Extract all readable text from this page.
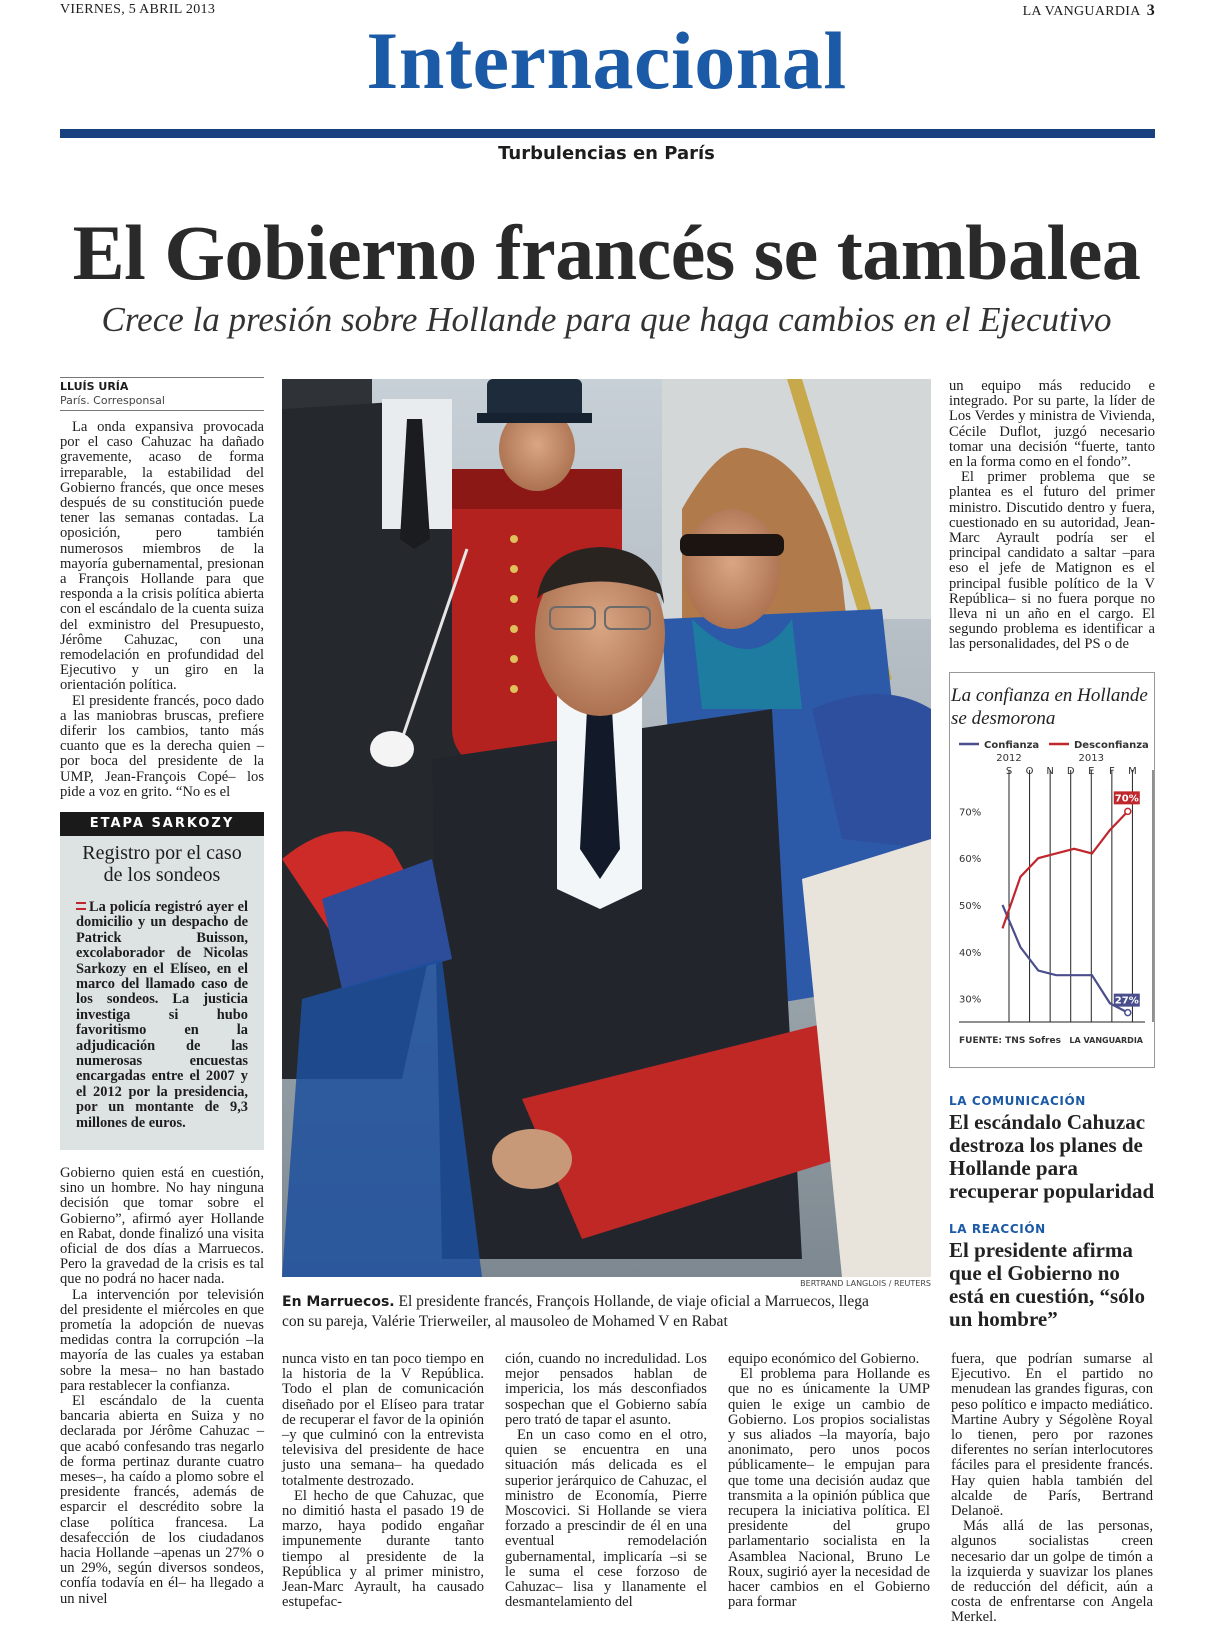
VIERNES, 5 ABRIL 2013	LA VANGUARDIA 3
Internacional
Turbulencias en París
El Gobierno francés se tambalea
Crece la presión sobre Hollande para que haga cambios en el Ejecutivo
LLUÍS URÍA
París. Corresponsal

La onda expansiva provocada por el caso Cahuzac ha dañado gravemente, acaso de forma irreparable, la estabilidad del Gobierno francés, que once meses después de su constitución puede tener las semanas contadas. La oposición, pero también numerosos miembros de la mayoría gubernamental, presionan a François Hollande para que responda a la crisis política abierta con el escándalo de la cuenta suiza del exministro del Presupuesto, Jérôme Cahuzac, con una remodelación en profundidad del Ejecutivo y un giro en la orientación política.

El presidente francés, poco dado a las maniobras bruscas, prefiere diferir los cambios, tanto más cuanto que es la derecha quien –por boca del presidente de la UMP, Jean-François Copé– los pide a voz en grito. “No es el

ETAPA SARKOZY
Registro por el caso de los sondeos
La policía registró ayer el domicilio y un despacho de Patrick Buisson, excolaborador de Nicolas Sarkozy en el Elíseo, en el marco del llamado caso de los sondeos. La justicia investiga si hubo favoritismo en la adjudicación de las numerosas encuestas encargadas entre el 2007 y el 2012 por la presidencia, por un montante de 9,3 millones de euros.

Gobierno quien está en cuestión, sino un hombre. No hay ninguna decisión que tomar sobre el Gobierno”, afirmó ayer Hollande en Rabat, donde finalizó una visita oficial de dos días a Marruecos. Pero la gravedad de la crisis es tal que no podrá no hacer nada.

La intervención por televisión del presidente el miércoles en que prometía la adopción de nuevas medidas contra la corrupción –la mayoría de las cuales ya estaban sobre la mesa– no han bastado para restablecer la confianza.

El escándalo de la cuenta bancaria abierta en Suiza y no declarada por Jérôme Cahuzac –que acabó confesando tras negarlo de forma pertinaz durante cuatro meses–, ha caído a plomo sobre el presidente francés, además de esparcir el descrédito sobre la clase política francesa. La desafección de los ciudadanos hacia Hollande –apenas un 27% o un 29%, según diversos sondeos, confía todavía en él– ha llegado a un nivel

BERTRAND LANGLOIS / REUTERS
En Marruecos. El presidente francés, François Hollande, de viaje oficial a Marruecos, llega con su pareja, Valérie Trierweiler, al mausoleo de Mohamed V en Rabat

un equipo más reducido e integrado. Por su parte, la líder de Los Verdes y ministra de Vivienda, Cécile Duflot, juzgó necesario tomar una decisión “fuerte, tanto en la forma como en el fondo”.

El primer problema que se plantea es el futuro del primer ministro. Discutido dentro y fuera, cuestionado en su autoridad, Jean-Marc Ayrault podría ser el principal candidato a saltar –para eso el jefe de Matignon es el principal fusible político de la V República– si no fuera porque no lleva ni un año en el cargo. El segundo problema es identificar a las personalidades, del PS o de

La confianza en Hollande se desmorona
Confianza	Desconfianza
S O N D E F M
2012	2013
70%
60%
50%
40%
30%	27%
70%
FUENTE: TNS Sofres LA VANGUARDIA
LA COMUNICACIÓN
El escándalo Cahuzac destroza los planes de Hollande para recuperar popularidad
LA REACCIÓN
El presidente afirma que el Gobierno no está en cuestión, “sólo un hombre”

nunca visto en tan poco tiempo en la historia de la V República. Todo el plan de comunicación diseñado por el Elíseo para tratar de recuperar el favor de la opinión –y que culminó con la entrevista televisiva del presidente de hace justo una semana– ha quedado totalmente destrozado.

El hecho de que Cahuzac, que no dimitió hasta el pasado 19 de marzo, haya podido engañar impunemente durante tanto tiempo al presidente de la República y al primer ministro, Jean-Marc Ayrault, ha causado estupefac-

ción, cuando no incredulidad. Los mejor pensados hablan de impericia, los más desconfiados sospechan que el Gobierno sabía pero trató de tapar el asunto.

En un caso como en el otro, quien se encuentra en una situación más delicada es el superior jerárquico de Cahuzac, el ministro de Economía, Pierre Moscovici. Si Hollande se viera forzado a prescindir de él en una eventual remodelación gubernamental, implicaría –si se le suma el cese forzoso de Cahuzac– lisa y llanamente el desmantelamiento del

equipo económico del Gobierno.

El problema para Hollande es que no es únicamente la UMP quien le exige un cambio de Gobierno. Los propios socialistas y sus aliados –la mayoría, bajo anonimato, pero unos pocos públicamente– le empujan para que tome una decisión audaz que transmita a la opinión pública que recupera la iniciativa política. El presidente del grupo parlamentario socialista en la Asamblea Nacional, Bruno Le Roux, sugirió ayer la necesidad de hacer cambios en el Gobierno para formar

fuera, que podrían sumarse al Ejecutivo. En el partido no menudean las grandes figuras, con peso político e impacto mediático. Martine Aubry y Ségolène Royal lo tienen, pero por razones diferentes no serían interlocutores fáciles para el presidente francés. Hay quien habla también del alcalde de París, Bertrand Delanoë.

Más allá de las personas, algunos socialistas creen necesario dar un golpe de timón a la izquierda y suavizar los planes de reducción del déficit, aún a costa de enfrentarse con Angela Merkel.
